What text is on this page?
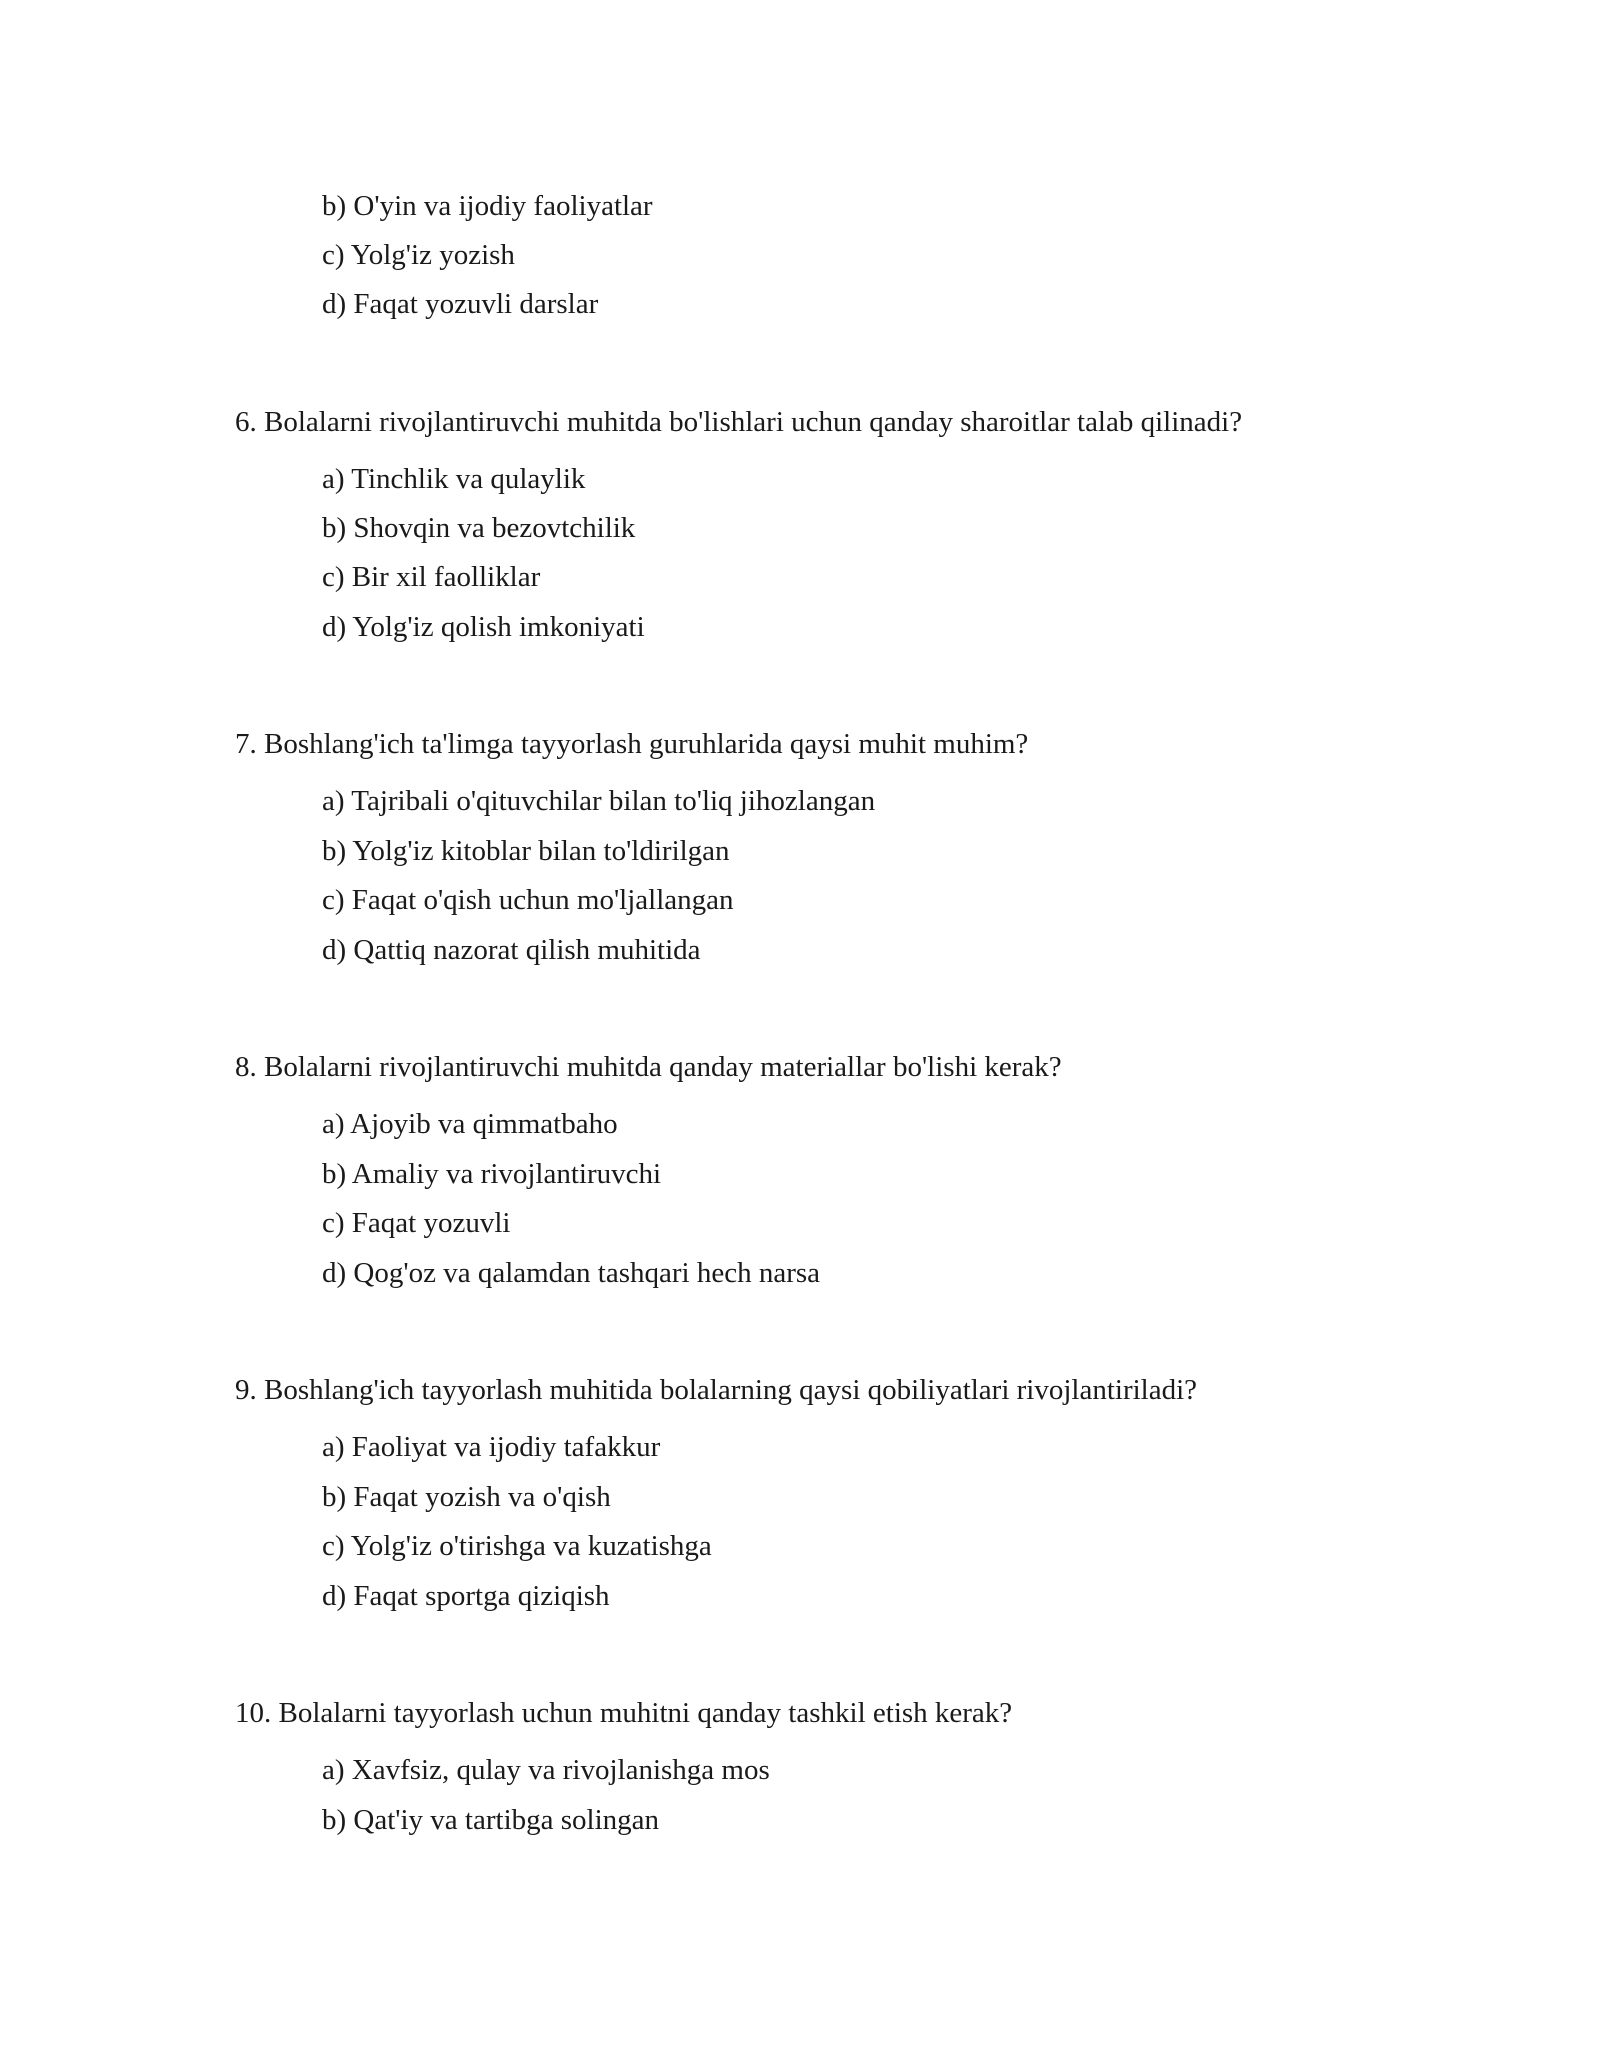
b) O'yin va ijodiy faoliyatlar
c) Yolg'iz yozish
d) Faqat yozuvli darslar
6. Bolalarni rivojlantiruvchi muhitda bo'lishlari uchun qanday sharoitlar talab qilinadi?
a) Tinchlik va qulaylik
b) Shovqin va bezovtchilik
c) Bir xil faolliklar
d) Yolg'iz qolish imkoniyati
7. Boshlang'ich ta'limga tayyorlash guruhlarida qaysi muhit muhim?
a) Tajribali o'qituvchilar bilan to'liq jihozlangan
b) Yolg'iz kitoblar bilan to'ldirilgan
c) Faqat o'qish uchun mo'ljallangan
d) Qattiq nazorat qilish muhitida
8. Bolalarni rivojlantiruvchi muhitda qanday materiallar bo'lishi kerak?
a) Ajoyib va qimmatbaho
b) Amaliy va rivojlantiruvchi
c) Faqat yozuvli
d) Qog'oz va qalamdan tashqari hech narsa
9. Boshlang'ich tayyorlash muhitida bolalarning qaysi qobiliyatlari rivojlantiriladi?
a) Faoliyat va ijodiy tafakkur
b) Faqat yozish va o'qish
c) Yolg'iz o'tirishga va kuzatishga
d) Faqat sportga qiziqish
10. Bolalarni tayyorlash uchun muhitni qanday tashkil etish kerak?
a) Xavfsiz, qulay va rivojlanishga mos
b) Qat'iy va tartibga solingan
